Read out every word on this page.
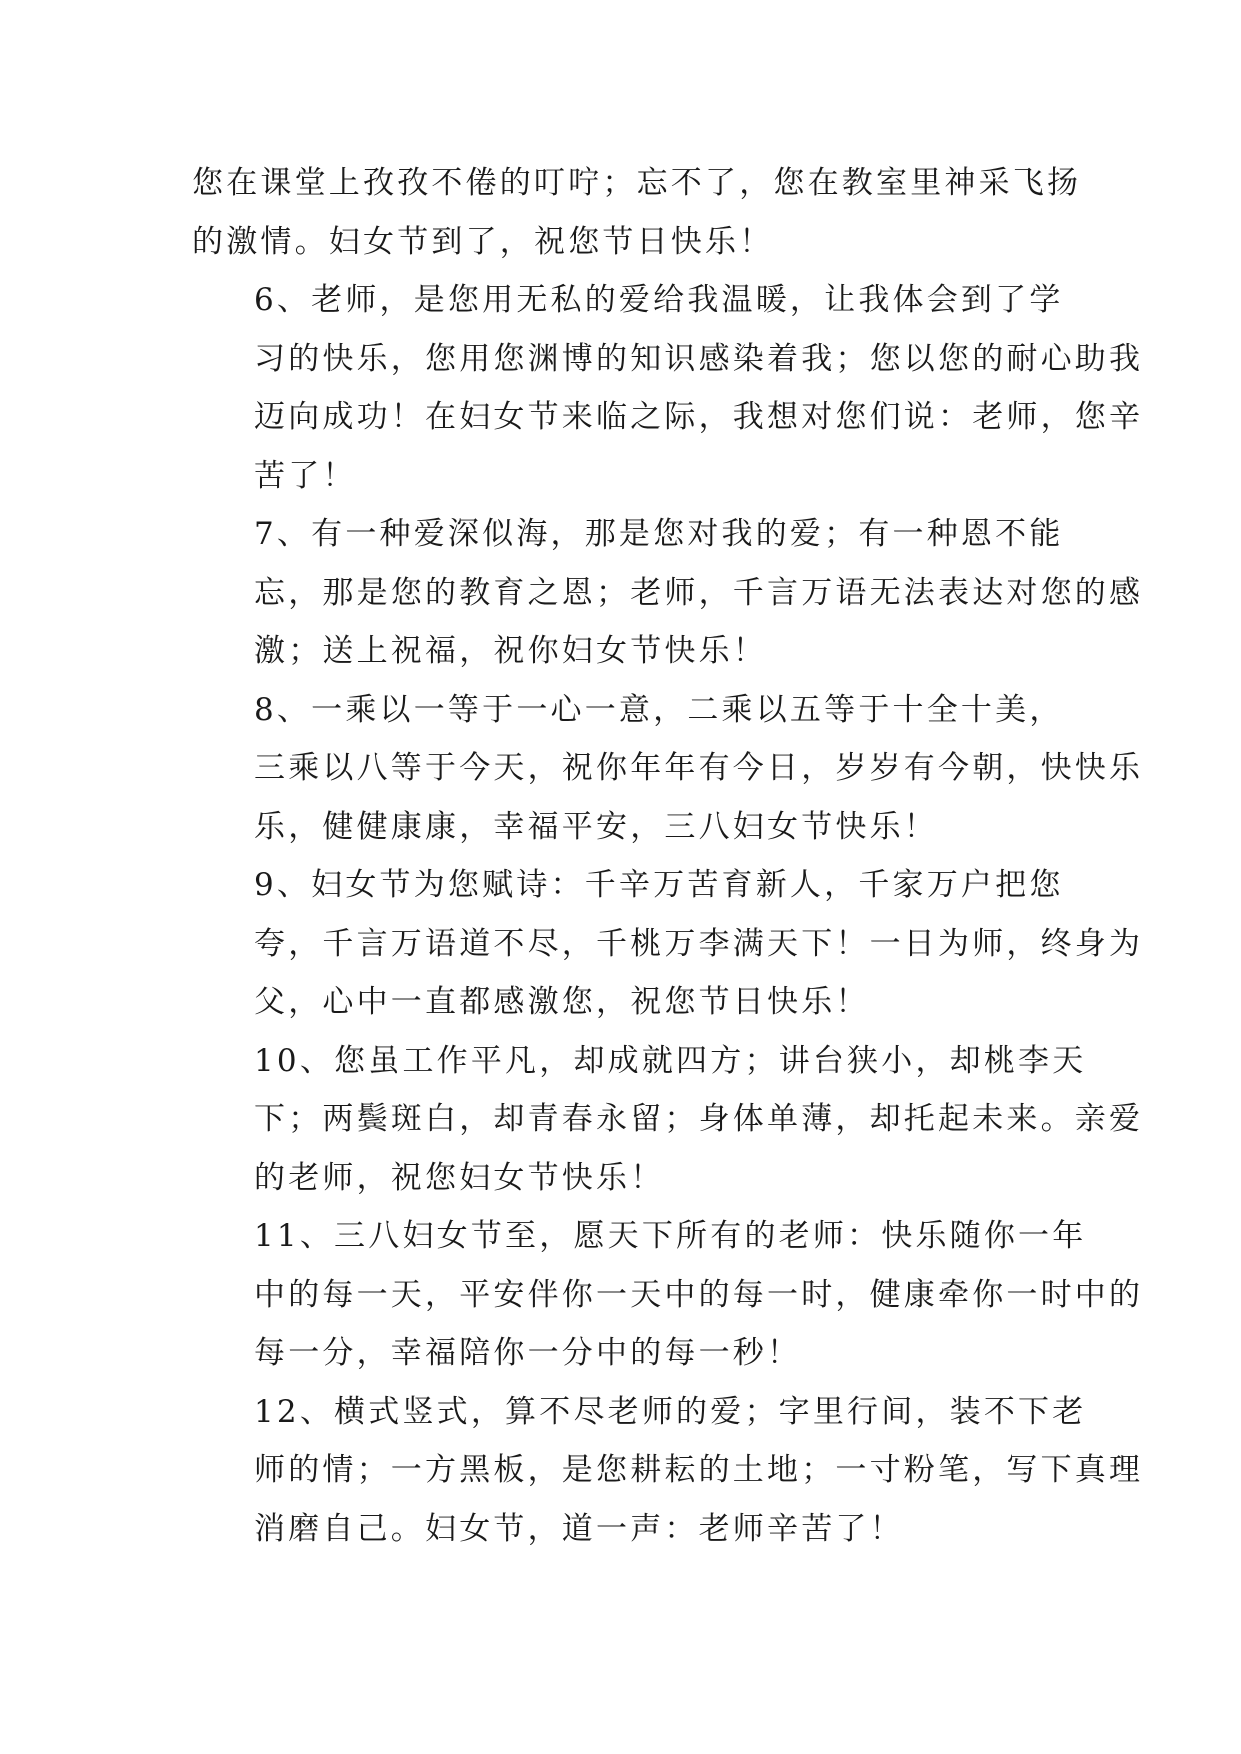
您在课堂上孜孜不倦的叮咛；忘不了，您在教室里神采飞扬
的激情。妇女节到了，祝您节日快乐！

6、老师，是您用无私的爱给我温暖，让我体会到了学
习的快乐，您用您渊博的知识感染着我；您以您的耐心助我
迈向成功！在妇女节来临之际，我想对您们说：老师，您辛
苦了！

7、有一种爱深似海，那是您对我的爱；有一种恩不能
忘，那是您的教育之恩；老师，千言万语无法表达对您的感
激；送上祝福，祝你妇女节快乐！

8、一乘以一等于一心一意，二乘以五等于十全十美，
三乘以八等于今天，祝你年年有今日，岁岁有今朝，快快乐
乐，健健康康，幸福平安，三八妇女节快乐！

9、妇女节为您赋诗：千辛万苦育新人，千家万户把您
夸，千言万语道不尽，千桃万李满天下！一日为师，终身为
父，心中一直都感激您，祝您节日快乐！

10、您虽工作平凡，却成就四方；讲台狭小，却桃李天
下；两鬓斑白，却青春永留；身体单薄，却托起未来。亲爱
的老师，祝您妇女节快乐！

11、三八妇女节至，愿天下所有的老师：快乐随你一年
中的每一天，平安伴你一天中的每一时，健康牵你一时中的
每一分，幸福陪你一分中的每一秒！

12、横式竖式，算不尽老师的爱；字里行间，装不下老
师的情；一方黑板，是您耕耘的土地；一寸粉笔，写下真理
消磨自己。妇女节，道一声：老师辛苦了！
